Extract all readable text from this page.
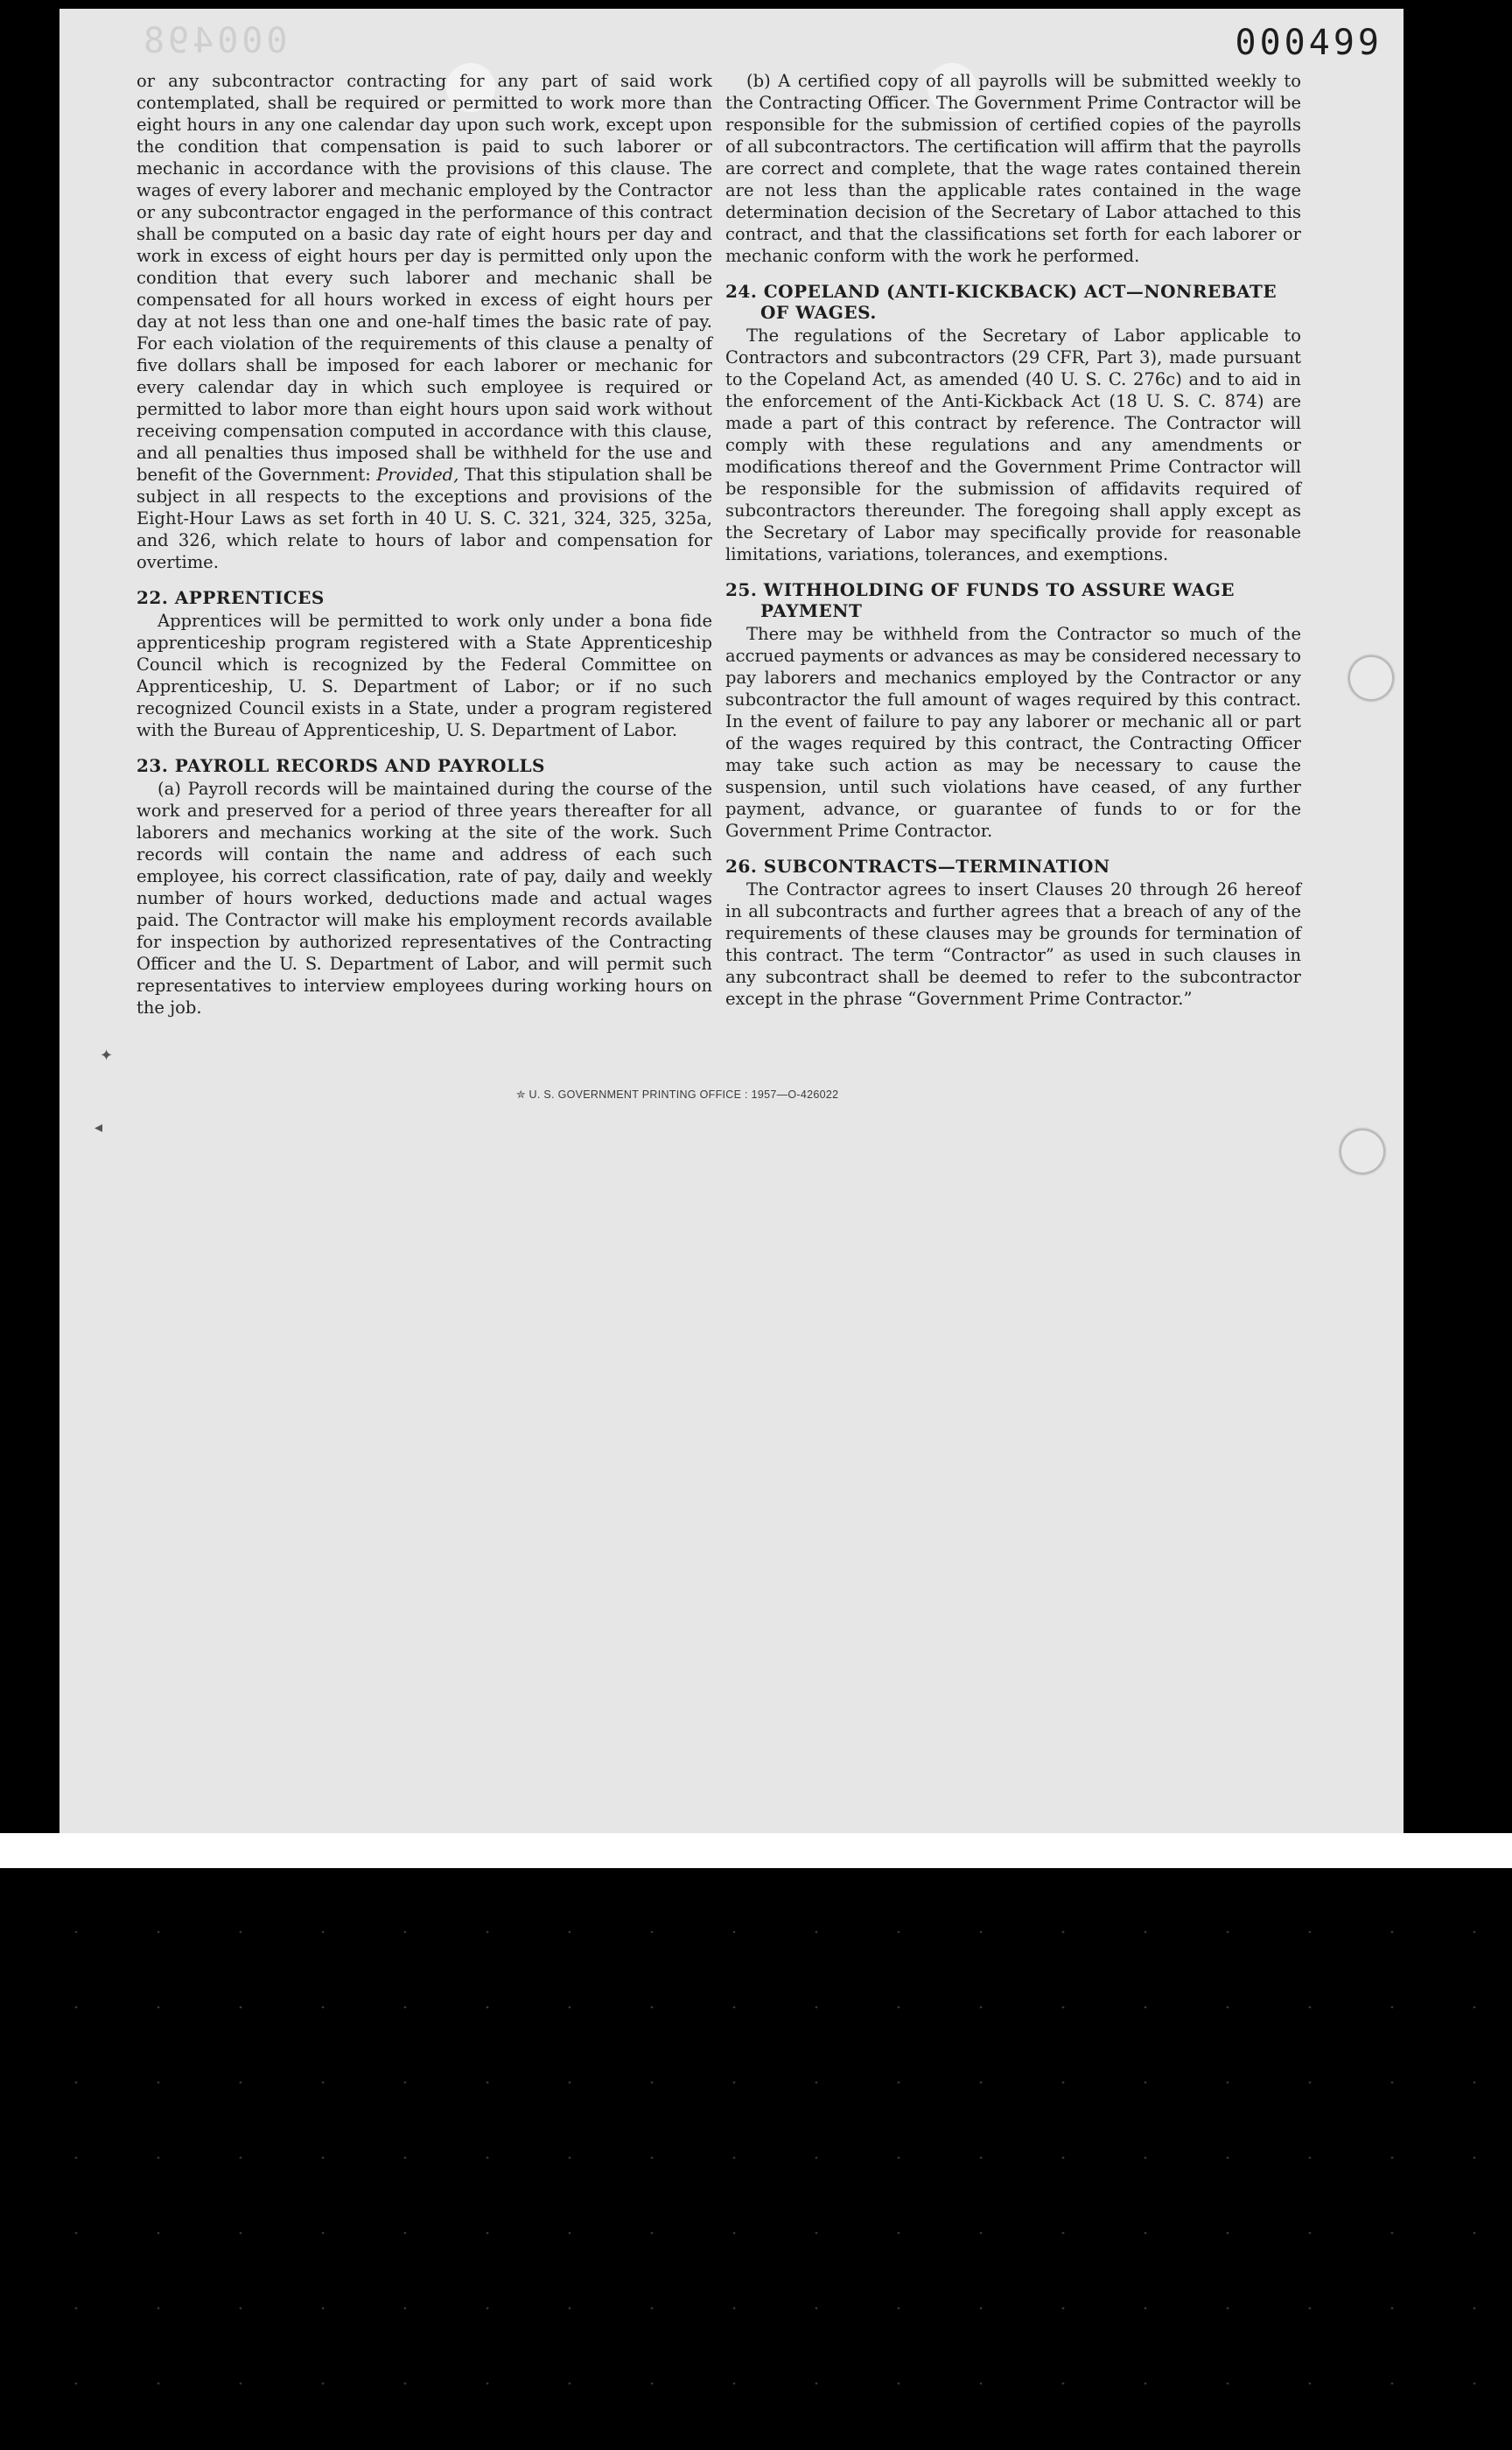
000498	000499

or any subcontractor contracting for any part of said work contemplated, shall be required or permitted to work more than eight hours in any one calendar day upon such work, except upon the condition that compensation is paid to such laborer or mechanic in accordance with the provisions of this clause. The wages of every laborer and mechanic employed by the Contractor or any subcontractor engaged in the performance of this contract shall be computed on a basic day rate of eight hours per day and work in excess of eight hours per day is permitted only upon the condition that every such laborer and mechanic shall be compensated for all hours worked in excess of eight hours per day at not less than one and one-half times the basic rate of pay. For each violation of the requirements of this clause a penalty of five dollars shall be imposed for each laborer or mechanic for every calendar day in which such employee is required or permitted to labor more than eight hours upon said work without receiving compensation computed in accordance with this clause, and all penalties thus imposed shall be withheld for the use and benefit of the Government: Provided, That this stipulation shall be subject in all respects to the exceptions and provisions of the Eight-Hour Laws as set forth in 40 U. S. C. 321, 324, 325, 325a, and 326, which relate to hours of labor and compensation for overtime.

22. APPRENTICES

Apprentices will be permitted to work only under a bona fide apprenticeship program registered with a State Apprenticeship Council which is recognized by the Federal Committee on Apprenticeship, U. S. Department of Labor; or if no such recognized Council exists in a State, under a program registered with the Bureau of Apprenticeship, U. S. Department of Labor.

23. PAYROLL RECORDS AND PAYROLLS

(a) Payroll records will be maintained during the course of the work and preserved for a period of three years thereafter for all laborers and mechanics working at the site of the work. Such records will contain the name and address of each such employee, his correct classification, rate of pay, daily and weekly number of hours worked, deductions made and actual wages paid. The Contractor will make his employment records available for inspection by authorized representatives of the Contracting Officer and the U. S. Department of Labor, and will permit such representatives to interview employees during working hours on the job.

(b) A certified copy of all payrolls will be submitted weekly to the Contracting Officer. The Government Prime Contractor will be responsible for the submission of certified copies of the payrolls of all subcontractors. The certification will affirm that the payrolls are correct and complete, that the wage rates contained therein are not less than the applicable rates contained in the wage determination decision of the Secretary of Labor attached to this contract, and that the classifications set forth for each laborer or mechanic conform with the work he performed.

24. COPELAND (ANTI-KICKBACK) ACT—NONREBATE OF WAGES.

The regulations of the Secretary of Labor applicable to Contractors and subcontractors (29 CFR, Part 3), made pursuant to the Copeland Act, as amended (40 U. S. C. 276c) and to aid in the enforcement of the Anti-Kickback Act (18 U. S. C. 874) are made a part of this contract by reference. The Contractor will comply with these regulations and any amendments or modifications thereof and the Government Prime Contractor will be responsible for the submission of affidavits required of subcontractors thereunder. The foregoing shall apply except as the Secretary of Labor may specifically provide for reasonable limitations, variations, tolerances, and exemptions.

25. WITHHOLDING OF FUNDS TO ASSURE WAGE PAYMENT

There may be withheld from the Contractor so much of the accrued payments or advances as may be considered necessary to pay laborers and mechanics employed by the Contractor or any subcontractor the full amount of wages required by this contract. In the event of failure to pay any laborer or mechanic all or part of the wages required by this contract, the Contracting Officer may take such action as may be necessary to cause the suspension, until such violations have ceased, of any further payment, advance, or guarantee of funds to or for the Government Prime Contractor.

26. SUBCONTRACTS—TERMINATION

The Contractor agrees to insert Clauses 20 through 26 hereof in all subcontracts and further agrees that a breach of any of the requirements of these clauses may be grounds for termination of this contract. The term “Contractor” as used in such clauses in any subcontract shall be deemed to refer to the subcontractor except in the phrase “Government Prime Contractor.”

✮ U. S. GOVERNMENT PRINTING OFFICE : 1957—O-426022
✦
◂
